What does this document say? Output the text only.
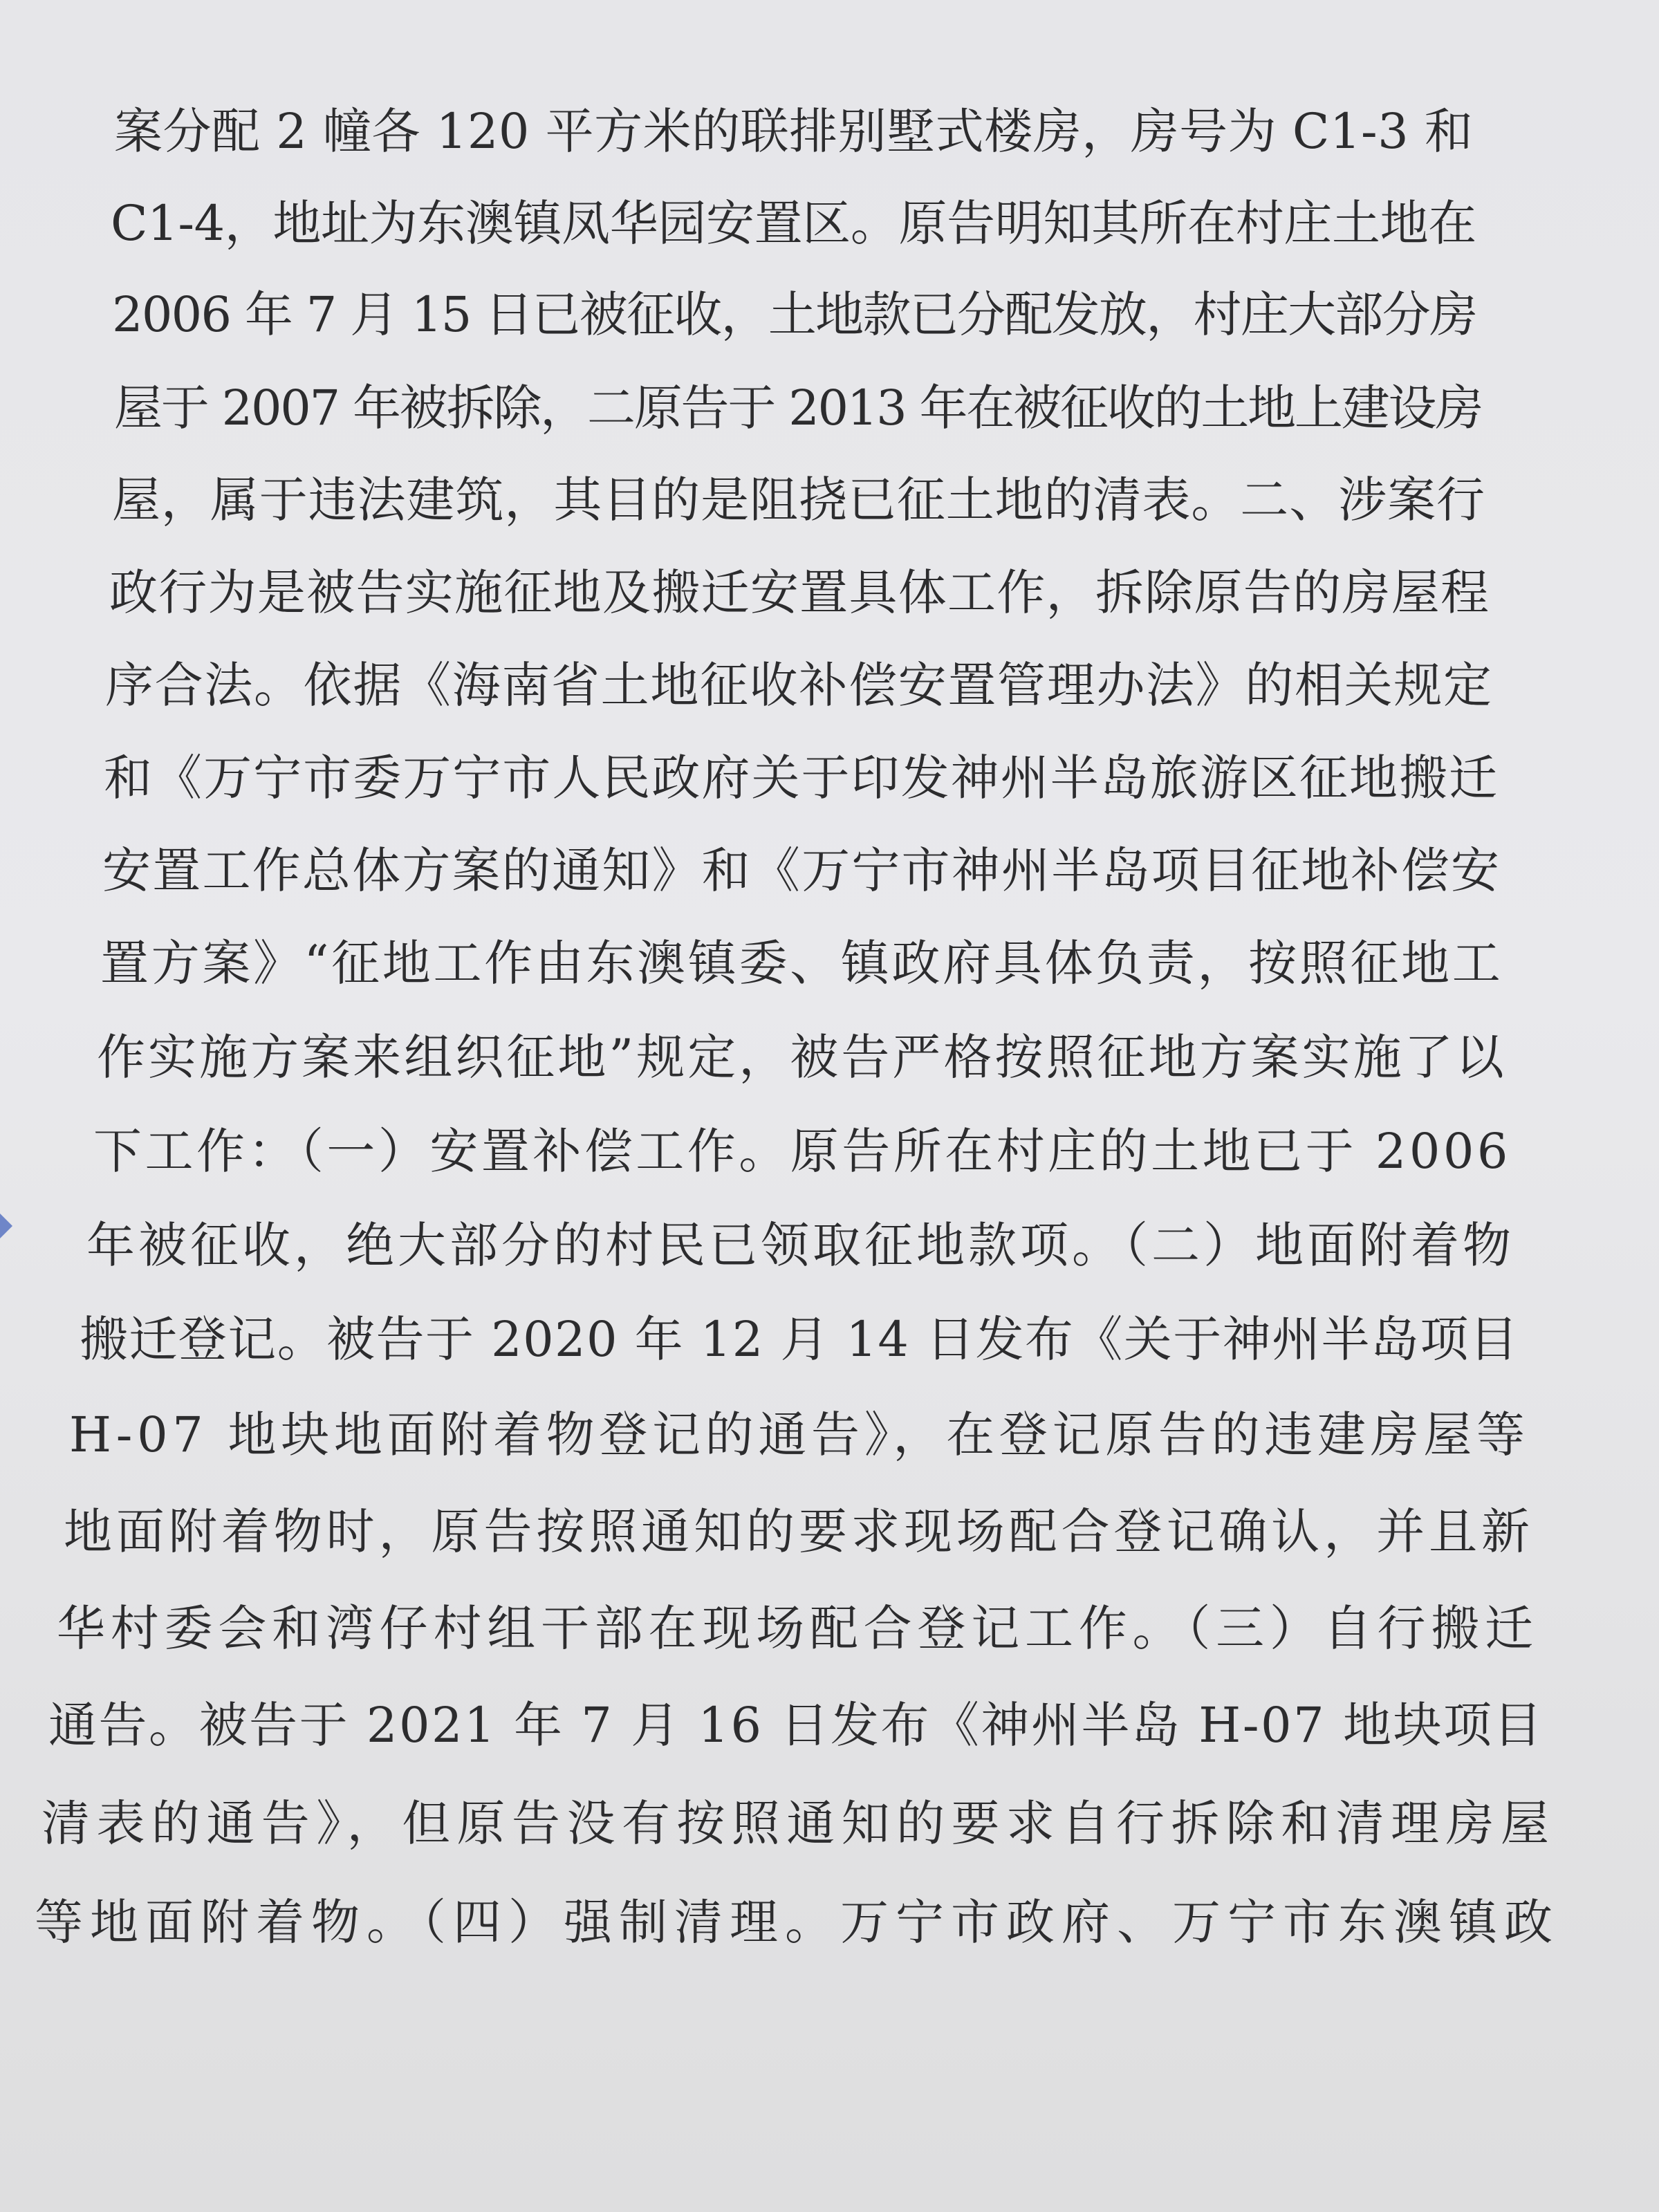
案分配 2 幢各 120 平方米的联排别墅式楼房，房号为 C1-3 和
C1-4，地址为东澳镇凤华园安置区。原告明知其所在村庄土地在
2006 年 7 月 15 日已被征收，土地款已分配发放，村庄大部分房
屋于 2007 年被拆除，二原告于 2013 年在被征收的土地上建设房
屋，属于违法建筑，其目的是阻挠已征土地的清表。二、涉案行
政行为是被告实施征地及搬迁安置具体工作，拆除原告的房屋程
序合法。依据《海南省土地征收补偿安置管理办法》的相关规定
和《万宁市委万宁市人民政府关于印发神州半岛旅游区征地搬迁
安置工作总体方案的通知》和《万宁市神州半岛项目征地补偿安
置方案》“征地工作由东澳镇委、镇政府具体负责，按照征地工
作实施方案来组织征地”规定，被告严格按照征地方案实施了以
下工作：（一）安置补偿工作。原告所在村庄的土地已于 2006
年被征收，绝大部分的村民已领取征地款项。（二）地面附着物
搬迁登记。被告于 2020 年 12 月 14 日发布《关于神州半岛项目
H-07 地块地面附着物登记的通告》，在登记原告的违建房屋等
地面附着物时，原告按照通知的要求现场配合登记确认，并且新
华村委会和湾仔村组干部在现场配合登记工作。（三）自行搬迁
通告。被告于 2021 年 7 月 16 日发布《神州半岛 H-07 地块项目
清表的通告》，但原告没有按照通知的要求自行拆除和清理房屋
等地面附着物。（四）强制清理。万宁市政府、万宁市东澳镇政
